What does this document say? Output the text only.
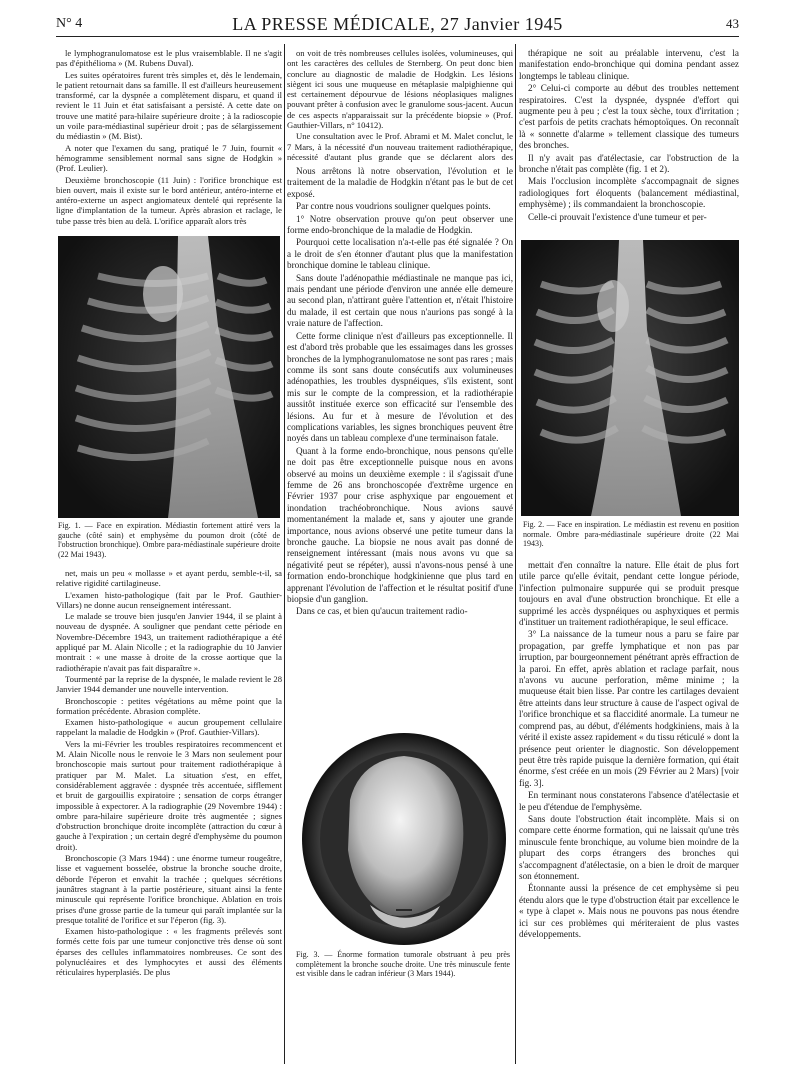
N° 4	LA PRESSE MÉDICALE, 27 Janvier 1945	43

le lymphogranulomatose est le plus vraisemblable. Il ne s'agit pas d'épithélioma » (M. Rubens Duval).

Les suites opératoires furent très simples et, dès le lendemain, le patient retournait dans sa famille. Il est d'ailleurs heureusement transformé, car la dyspnée a complètement disparu, et quand il revient le 11 Juin et état satisfaisant a persisté. A cette date on trouve une matité para-hilaire supérieure droite ; à la radioscopie un voile para-médiastinal supérieur droit ; pas de sélargissement du médiastin » (M. Bist).

A noter que l'examen du sang, pratiqué le 7 Juin, fournit « hémogramme sensiblement normal sans signe de Hodgkin » (Prof. Leulier).

Deuxième bronchoscopie (11 Juin) : l'orifice bronchique est bien ouvert, mais il existe sur le bord antérieur, antéro-interne et antéro-externe un aspect angiomateux dentelé qui représente la ligne d'implantation de la tumeur. Après abrasion et raclage, le tube passe très bien au delà. L'orifice apparaît alors très

Fig. 1. — Face en expiration. Médiastin fortement attiré vers la gauche (côté sain) et emphysème du poumon droit (côté de l'obstruction bronchique). Ombre para-médiastinale supérieure droite (22 Mai 1943).

net, mais un peu « mollasse » et ayant perdu, semble-t-il, sa relative rigidité cartilagineuse.

L'examen histo-pathologique (fait par le Prof. Gauthier-Villars) ne donne aucun renseignement intéressant.

Le malade se trouve bien jusqu'en Janvier 1944, il se plaint à nouveau de dyspnée. A souligner que pendant cette période en Novembre-Décembre 1943, un traitement radiothérapique a été appliqué par M. Alain Nicolle ; et la radiographie du 10 Janvier montrait : « une masse à droite de la crosse aortique que la radiothérapie n'avait pas fait disparaître ».

Tourmenté par la reprise de la dyspnée, le malade revient le 28 Janvier 1944 demander une nouvelle intervention.

Bronchoscopie : petites végétations au même point que la formation précédente. Abrasion complète.

Examen histo-pathologique « aucun groupement cellulaire rappelant la maladie de Hodgkin » (Prof. Gauthier-Villars).

Vers la mi-Février les troubles respiratoires recommencent et M. Alain Nicolle nous le renvoie le 3 Mars non seulement pour bronchoscopie mais surtout pour traitement radiothérapique à pratiquer par M. Malet. La situation s'est, en effet, considérablement aggravée : dyspnée très accentuée, sifflement et bruit de gargouillis expiratoire ; sensation de corps étranger impossible à expectorer. A la radiographie (29 Novembre 1944) : ombre para-hilaire supérieure droite très augmentée ; signes d'obstruction bronchique droite incomplète (attraction du cœur à gauche à l'expiration ; un certain degré d'emphysème du poumon droit).

Bronchoscopie (3 Mars 1944) : une énorme tumeur rougeâtre, lisse et vaguement bosselée, obstrue la bronche souche droite, déborde l'éperon et envahit la trachée ; quelques sécrétions jaunâtres stagnant à la partie postérieure, situant ainsi la fente minuscule qui représente l'orifice bronchique. Ablation en trois prises d'une grosse partie de la tumeur qui paraît implantée sur la presque totalité de l'orifice et sur l'éperon (fig. 3).

Examen histo-pathologique : « les fragments prélevés sont formés cette fois par une tumeur conjonctive très dense où sont éparses des cellules inflammatoires nombreuses. Ce sont des polynucléaires et des lymphocytes et aussi des éléments réticulaires hyperplasiés. De plus

on voit de très nombreuses cellules isolées, volumineuses, qui ont les caractères des cellules de Sternberg. On peut donc bien conclure au diagnostic de maladie de Hodgkin. Les lésions siègent ici sous une muqueuse en métaplasie malpighienne qui est certainement dépourvue de lésions néoplasiques malignes pouvant prêter à confusion avec le granulome sous-jacent. Aucun de ces aspects n'apparaissait sur la précédente biopsie » (Prof. Gauthier-Villars, n° 10412).

Une consultation avec le Prof. Abrami et M. Malet conclut, le 7 Mars, à la nécessité d'un nouveau traitement radiothérapique, nécessité d'autant plus grande que se déclarent alors des

Nous arrêtons là notre observation, l'évolution et le traitement de la maladie de Hodgkin n'étant pas le but de cet exposé.

Par contre nous voudrions souligner quelques points.

1° Notre observation prouve qu'on peut observer une forme endo-bronchique de la maladie de Hodgkin.

Pourquoi cette localisation n'a-t-elle pas été signalée ? On a le droit de s'en étonner d'autant plus que la manifestation bronchique domine le tableau clinique.

Sans doute l'adénopathie médiastinale ne manque pas ici, mais pendant une période d'environ une année elle demeure au second plan, n'attirant guère l'attention et, n'était l'histoire du malade, il est certain que nous n'aurions pas songé à la vraie nature de l'affection.

Cette forme clinique n'est d'ailleurs pas exceptionnelle. Il est d'abord très probable que les essaimages dans les grosses bronches de la lymphogranulomatose ne sont pas rares ; mais comme ils sont sans doute consécutifs aux volumineuses adénopathies, les troubles dyspnéiques, s'ils existent, sont mis sur le compte de la compression, et la radiothérapie aussitôt instituée exerce son efficacité sur l'ensemble des lésions. Au fur et à mesure de l'évolution et des complications variables, les signes bronchiques peuvent être noyés dans un tableau complexe d'une terminaison fatale.

Quant à la forme endo-bronchique, nous pensons qu'elle ne doit pas être exceptionnelle puisque nous en avons observé au moins un deuxième exemple : il s'agissait d'une femme de 26 ans bronchoscopée d'extrême urgence en Février 1937 pour crise asphyxique par engouement et inondation trachéobronchique. Nous avions sauvé momentanément la malade et, sans y ajouter une grande importance, nous avions observé une petite tumeur dans la bronche gauche. La biopsie ne nous avait pas donné de renseignement intéressant (mais nous avons vu que sa négativité peut se répéter), aussi n'avons-nous pensé à une formation endo-bronchique hodgkinienne que plus tard en apprenant l'évolution de l'affection et le résultat positif d'une biopsie d'un ganglion.

Dans ce cas, et bien qu'aucun traitement radio-

Fig. 3. — Énorme formation tumorale obstruant à peu près complètement la bronche souche droite. Une très minuscule fente est visible dans le cadran inférieur (3 Mars 1944).

thérapique ne soit au préalable intervenu, c'est la manifestation endo-bronchique qui domina pendant assez longtemps le tableau clinique.

2° Celui-ci comporte au début des troubles nettement respiratoires. C'est la dyspnée, dyspnée d'effort qui augmente peu à peu ; c'est la toux sèche, toux d'irritation ; c'est parfois de petits crachats hémoptoïques. On reconnaît là « sonnette d'alarme » tellement classique des tumeurs des bronches.

Il n'y avait pas d'atélectasie, car l'obstruction de la bronche n'était pas complète (fig. 1 et 2).

Mais l'occlusion incomplète s'accompagnait de signes radiologiques fort éloquents (balancement médiastinal, emphysème) ; ils commandaient la bronchoscopie.

Celle-ci prouvait l'existence d'une tumeur et per-

Fig. 2. — Face en inspiration. Le médiastin est revenu en position normale. Ombre para-médiastinale supérieure droite (22 Mai 1943).

mettait d'en connaître la nature. Elle était de plus fort utile parce qu'elle évitait, pendant cette longue période, l'infection pulmonaire suppurée qui se produit presque toujours en aval d'une obstruction bronchique. Et elle a supprimé les accès dyspnéiques ou asphyxiques et permis d'instituer un traitement radiothérapique, le seul efficace.

3° La naissance de la tumeur nous a paru se faire par propagation, par greffe lymphatique et non pas par irruption, par bourgeonnement pénétrant après effraction de la paroi. En effet, après ablation et raclage parfait, nous n'avons vu aucune perforation, même minime ; la muqueuse était bien lisse. Par contre les cartilages devaient être atteints dans leur structure à cause de l'aspect ogival de l'orifice bronchique et sa flaccidité anormale. La tumeur ne comprend pas, au début, d'éléments hodgkiniens, mais à la vérité il existe assez rapidement « du tissu réticulé » dont la présence peut orienter le diagnostic. Son développement peut être très rapide puisque la dernière formation, qui était énorme, s'est créée en un mois (29 Février au 2 Mars) [voir fig. 3].

En terminant nous constaterons l'absence d'atélectasie et le peu d'étendue de l'emphysème.

Sans doute l'obstruction était incomplète. Mais si on compare cette énorme formation, qui ne laissait qu'une très minuscule fente bronchique, au volume bien moindre de la plupart des corps étrangers des bronches qui s'accompagnent d'atélectasie, on a bien le droit de marquer son étonnement.

Étonnante aussi la présence de cet emphysème si peu étendu alors que le type d'obstruction était par excellence le « type à clapet ». Mais nous ne pouvons pas nous étendre ici sur ces problèmes qui mériteraient de plus vastes développements.
